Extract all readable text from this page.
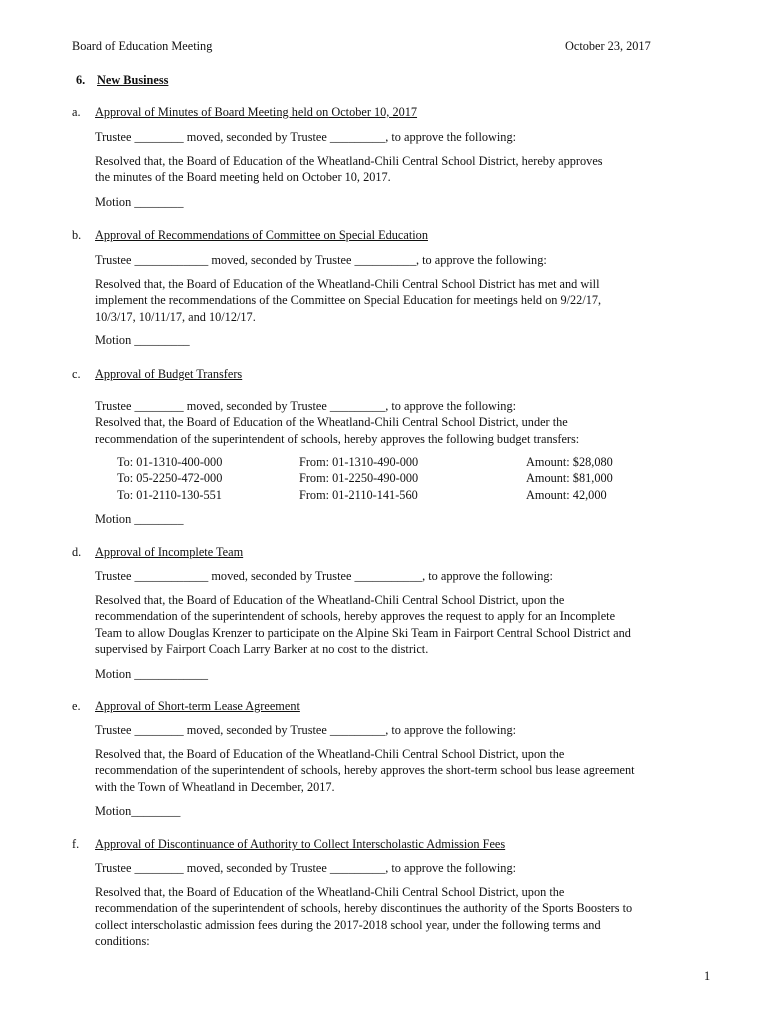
Board of Education Meeting	October 23, 2017
6. New Business
a. Approval of Minutes of Board Meeting held on October 10, 2017
Trustee ________ moved, seconded by Trustee _________, to approve the following:
Resolved that, the Board of Education of the Wheatland-Chili Central School District, hereby approves
the minutes of the Board meeting held on October 10, 2017.
Motion ________
b. Approval of Recommendations of Committee on Special Education
Trustee ____________ moved, seconded by Trustee __________, to approve the following:
Resolved that, the Board of Education of the Wheatland-Chili Central School District has met and will
implement the recommendations of the Committee on Special Education for meetings held on 9/22/17,
10/3/17, 10/11/17, and 10/12/17.
Motion _________
c. Approval of Budget Transfers
Trustee ________ moved, seconded by Trustee _________, to approve the following:
Resolved that, the Board of Education of the Wheatland-Chili Central School District, under the
recommendation of the superintendent of schools, hereby approves the following budget transfers:
To: 01-1310-400-000	From: 01-1310-490-000	Amount: $28,080
To: 05-2250-472-000	From: 01-2250-490-000	Amount: $81,000
To: 01-2110-130-551	From: 01-2110-141-560	Amount: 42,000
Motion ________
d. Approval of Incomplete Team
Trustee ____________ moved, seconded by Trustee ___________, to approve the following:
Resolved that, the Board of Education of the Wheatland-Chili Central School District, upon the
recommendation of the superintendent of schools, hereby approves the request to apply for an Incomplete
Team to allow Douglas Krenzer to participate on the Alpine Ski Team in Fairport Central School District and
supervised by Fairport Coach Larry Barker at no cost to the district.
Motion ____________
e. Approval of Short-term Lease Agreement
Trustee ________ moved, seconded by Trustee _________, to approve the following:
Resolved that, the Board of Education of the Wheatland-Chili Central School District, upon the
recommendation of the superintendent of schools, hereby approves the short-term school bus lease agreement
with the Town of Wheatland in December, 2017.
Motion________
f. Approval of Discontinuance of Authority to Collect Interscholastic Admission Fees
Trustee ________ moved, seconded by Trustee _________, to approve the following:
Resolved that, the Board of Education of the Wheatland-Chili Central School District, upon the
recommendation of the superintendent of schools, hereby discontinues the authority of the Sports Boosters to
collect interscholastic admission fees during the 2017-2018 school year, under the following terms and
conditions:
1
